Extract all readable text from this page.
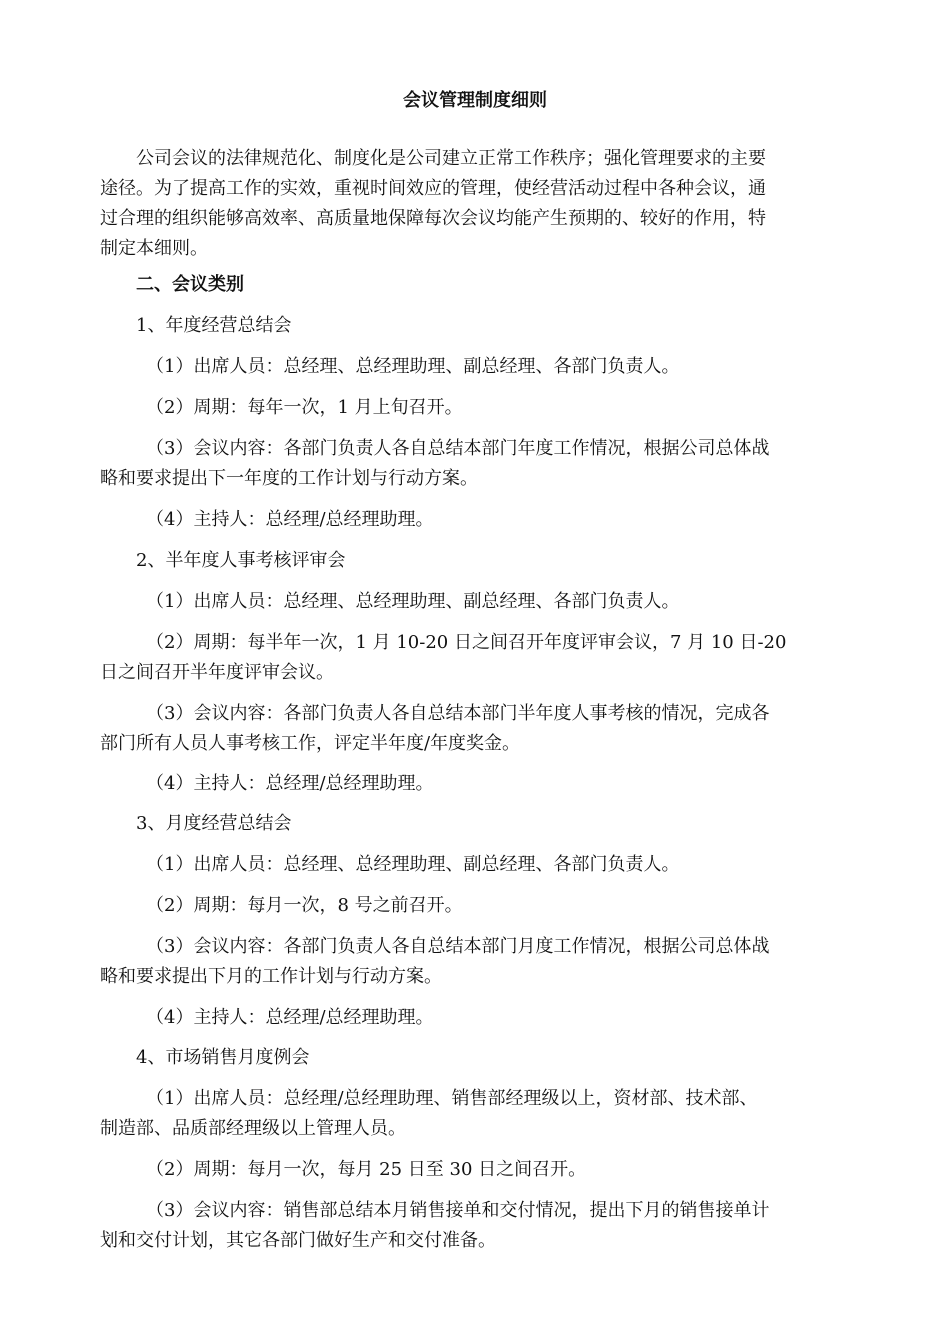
会议管理制度细则
公司会议的法律规范化、制度化是公司建立正常工作秩序；强化管理要求的主要
途径。为了提高工作的实效，重视时间效应的管理，使经营活动过程中各种会议，通
过合理的组织能够高效率、高质量地保障每次会议均能产生预期的、较好的作用，特
制定本细则。
二、会议类别
1、年度经营总结会
（1）出席人员：总经理、总经理助理、副总经理、各部门负责人。
（2）周期：每年一次，1 月上旬召开。
（3）会议内容：各部门负责人各自总结本部门年度工作情况，根据公司总体战
略和要求提出下一年度的工作计划与行动方案。
（4）主持人：总经理/总经理助理。
2、半年度人事考核评审会
（1）出席人员：总经理、总经理助理、副总经理、各部门负责人。
（2）周期：每半年一次，1 月 10-20 日之间召开年度评审会议，7 月 10 日-20
日之间召开半年度评审会议。
（3）会议内容：各部门负责人各自总结本部门半年度人事考核的情况，完成各
部门所有人员人事考核工作，评定半年度/年度奖金。
（4）主持人：总经理/总经理助理。
3、月度经营总结会
（1）出席人员：总经理、总经理助理、副总经理、各部门负责人。
（2）周期：每月一次，8 号之前召开。
（3）会议内容：各部门负责人各自总结本部门月度工作情况，根据公司总体战
略和要求提出下月的工作计划与行动方案。
（4）主持人：总经理/总经理助理。
4、市场销售月度例会
（1）出席人员：总经理/总经理助理、销售部经理级以上，资材部、技术部、
制造部、品质部经理级以上管理人员。
（2）周期：每月一次，每月 25 日至 30 日之间召开。
（3）会议内容：销售部总结本月销售接单和交付情况，提出下月的销售接单计
划和交付计划，其它各部门做好生产和交付准备。
